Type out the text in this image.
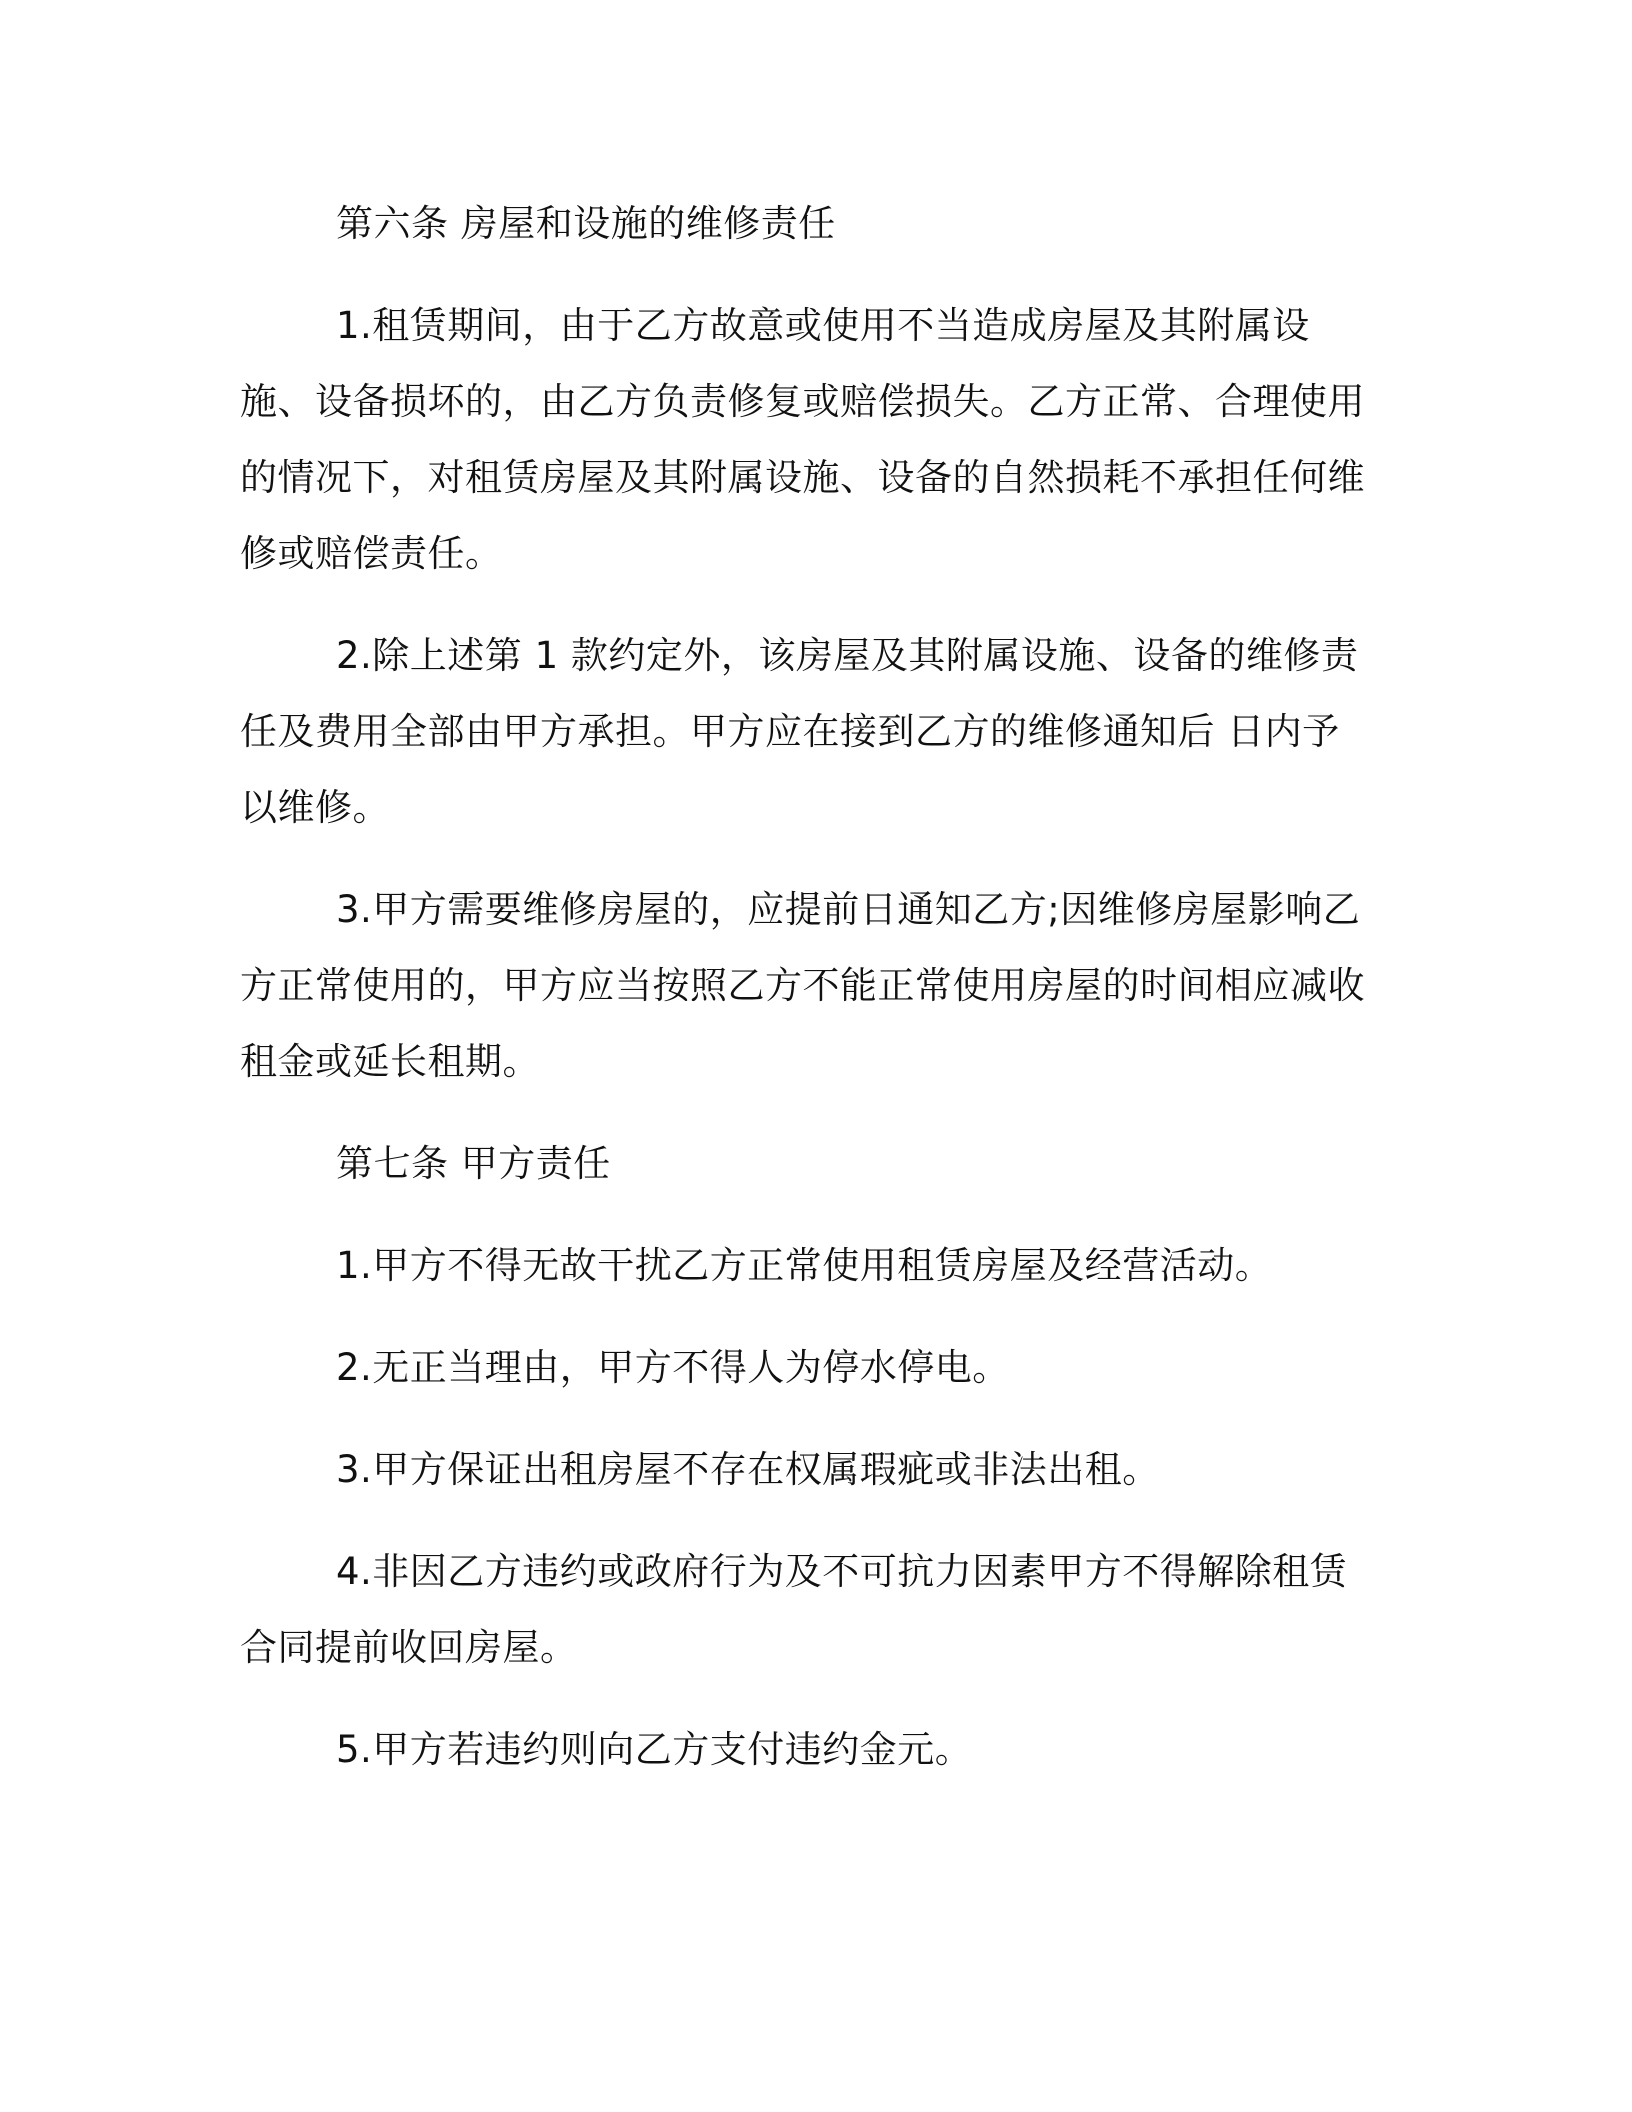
第六条 房屋和设施的维修责任

1.租赁期间，由于乙方故意或使用不当造成房屋及其附属设施、设备损坏的，由乙方负责修复或赔偿损失。乙方正常、合理使用的情况下，对租赁房屋及其附属设施、设备的自然损耗不承担任何维修或赔偿责任。

2.除上述第 1 款约定外，该房屋及其附属设施、设备的维修责任及费用全部由甲方承担。甲方应在接到乙方的维修通知后 日内予以维修。

3.甲方需要维修房屋的，应提前日通知乙方;因维修房屋影响乙方正常使用的，甲方应当按照乙方不能正常使用房屋的时间相应减收租金或延长租期。

第七条 甲方责任

1.甲方不得无故干扰乙方正常使用租赁房屋及经营活动。

2.无正当理由，甲方不得人为停水停电。

3.甲方保证出租房屋不存在权属瑕疵或非法出租。

4.非因乙方违约或政府行为及不可抗力因素甲方不得解除租赁合同提前收回房屋。

5.甲方若违约则向乙方支付违约金元。
